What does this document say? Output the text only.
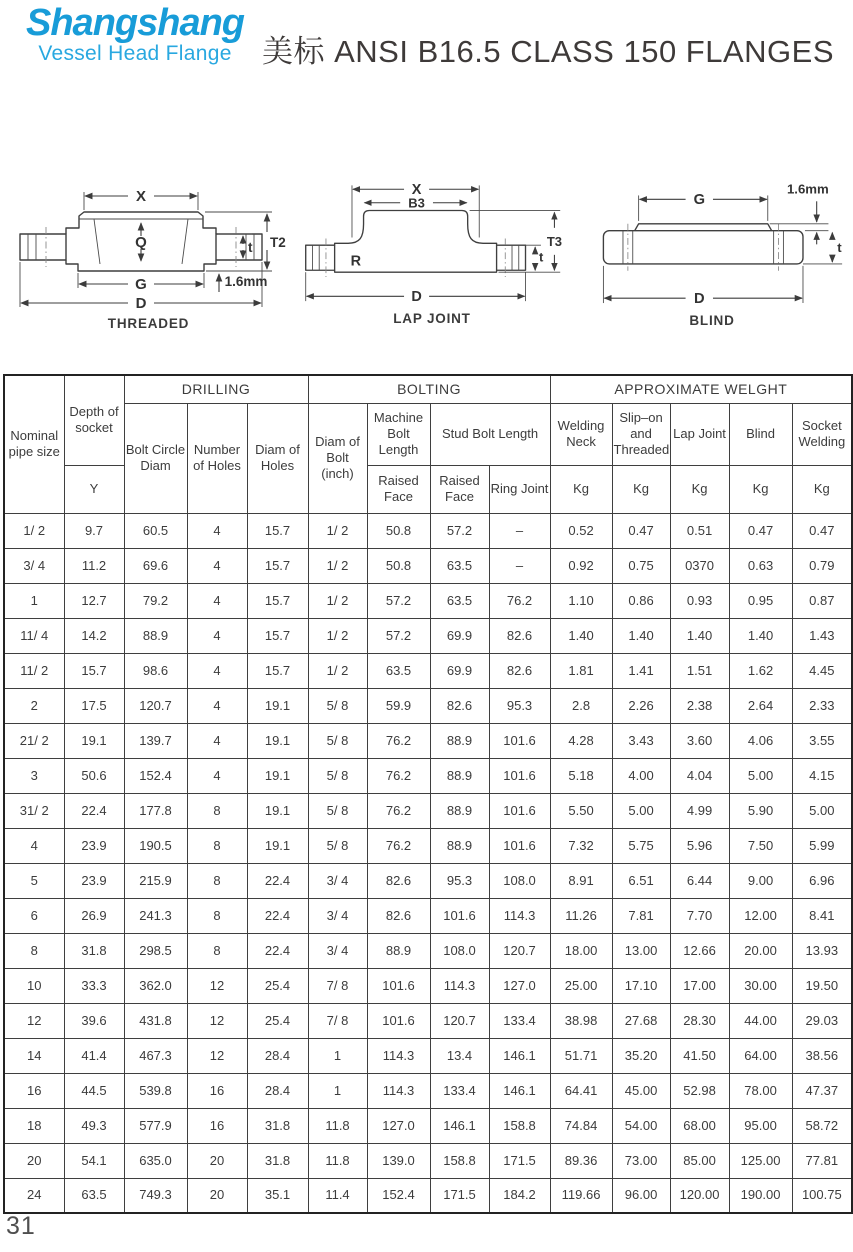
Shangshang
Vessel Head Flange 美标 ANSI B16.5 CLASS 150 FLANGES
X
Q
G
D
t T2
1.6mm
THREADED
R
X
B3
D
t
T3
LAP JOINT
G
1.6mm
t
D
BLIND
Nominal pipe size	Depth of socket	DRILLING			BOLTING				APPROXIMATE WELGHT				
		Bolt Circle Diam	Number of Holes	Diam of Holes	Diam of Bolt (inch)	Machine Bolt Length	Stud Bolt Length		Welding Neck	Slip–on and Threaded	Lap Joint	Blind	Socket Welding
	Y					Raised Face	Raised Face	Ring Joint	Kg	Kg	Kg	Kg	Kg
1/ 2	9.7	60.5	4	15.7	1/ 2	50.8	57.2	–	0.52	0.47	0.51	0.47	0.47
3/ 4	11.2	69.6	4	15.7	1/ 2	50.8	63.5	–	0.92	0.75	0370	0.63	0.79
1	12.7	79.2	4	15.7	1/ 2	57.2	63.5	76.2	1.10	0.86	0.93	0.95	0.87
11/ 4	14.2	88.9	4	15.7	1/ 2	57.2	69.9	82.6	1.40	1.40	1.40	1.40	1.43
11/ 2	15.7	98.6	4	15.7	1/ 2	63.5	69.9	82.6	1.81	1.41	1.51	1.62	4.45
2	17.5	120.7	4	19.1	5/ 8	59.9	82.6	95.3	2.8	2.26	2.38	2.64	2.33
21/ 2	19.1	139.7	4	19.1	5/ 8	76.2	88.9	101.6	4.28	3.43	3.60	4.06	3.55
3	50.6	152.4	4	19.1	5/ 8	76.2	88.9	101.6	5.18	4.00	4.04	5.00	4.15
31/ 2	22.4	177.8	8	19.1	5/ 8	76.2	88.9	101.6	5.50	5.00	4.99	5.90	5.00
4	23.9	190.5	8	19.1	5/ 8	76.2	88.9	101.6	7.32	5.75	5.96	7.50	5.99
5	23.9	215.9	8	22.4	3/ 4	82.6	95.3	108.0	8.91	6.51	6.44	9.00	6.96
6	26.9	241.3	8	22.4	3/ 4	82.6	101.6	114.3	11.26	7.81	7.70	12.00	8.41
8	31.8	298.5	8	22.4	3/ 4	88.9	108.0	120.7	18.00	13.00	12.66	20.00	13.93
10	33.3	362.0	12	25.4	7/ 8	101.6	114.3	127.0	25.00	17.10	17.00	30.00	19.50
12	39.6	431.8	12	25.4	7/ 8	101.6	120.7	133.4	38.98	27.68	28.30	44.00	29.03
14	41.4	467.3	12	28.4	1	114.3	13.4	146.1	51.71	35.20	41.50	64.00	38.56
16	44.5	539.8	16	28.4	1	114.3	133.4	146.1	64.41	45.00	52.98	78.00	47.37
18	49.3	577.9	16	31.8	11.8	127.0	146.1	158.8	74.84	54.00	68.00	95.00	58.72
20	54.1	635.0	20	31.8	11.8	139.0	158.8	171.5	89.36	73.00	85.00	125.00	77.81
24	63.5	749.3	20	35.1	11.4	152.4	171.5	184.2	119.66	96.00	120.00	190.00	100.75
31
